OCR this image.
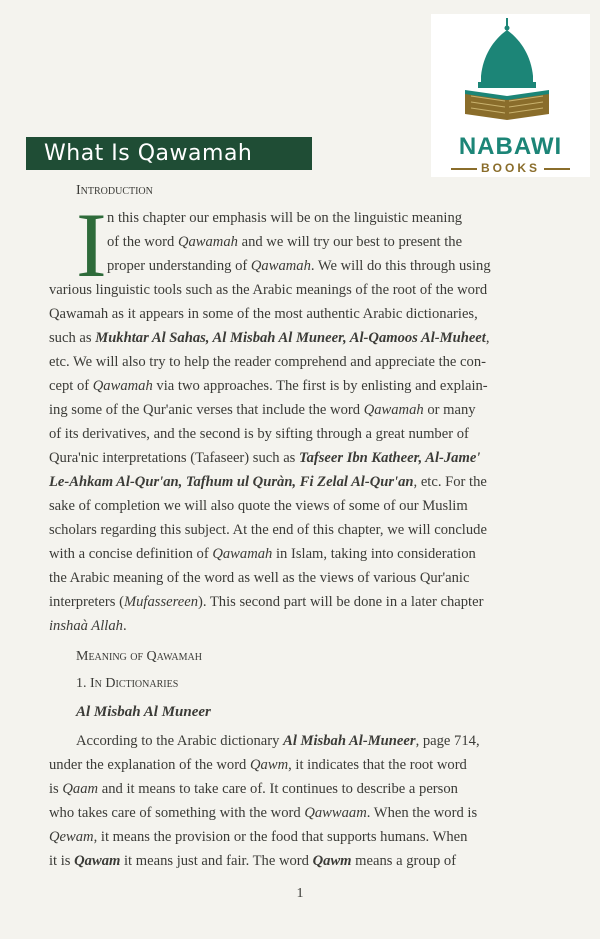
NABAWI
BOOKS
What Is Qawamah

Introduction

I n this chapter our emphasis will be on the linguistic meaning

of the word Qawamah and we will try our best to present the

proper understanding of Qawamah. We will do this through using

various linguistic tools such as the Arabic meanings of the root of the word

Qawamah as it appears in some of the most authentic Arabic dictionaries,

such as Mukhtar Al Sahas, Al Misbah Al Muneer, Al-Qamoos Al-Muheet,

etc. We will also try to help the reader comprehend and appreciate the con-

cept of Qawamah via two approaches. The first is by enlisting and explain-

ing some of the Qur'anic verses that include the word Qawamah or many

of its derivatives, and the second is by sifting through a great number of

Qura'nic interpretations (Tafaseer) such as Tafseer Ibn Katheer, Al-Jame'

Le-Ahkam Al-Qur'an, Tafhum ul Quràn, Fi Zelal Al-Qur'an, etc. For the

sake of completion we will also quote the views of some of our Muslim

scholars regarding this subject. At the end of this chapter, we will conclude

with a concise definition of Qawamah in Islam, taking into consideration

the Arabic meaning of the word as well as the views of various Qur'anic

interpreters (Mufassereen). This second part will be done in a later chapter

inshaà Allah.

Meaning of Qawamah

1. In Dictionaries

Al Misbah Al Muneer

According to the Arabic dictionary Al Misbah Al-Muneer, page 714,

under the explanation of the word Qawm, it indicates that the root word

is Qaam and it means to take care of. It continues to describe a person

who takes care of something with the word Qawwaam. When the word is

Qewam, it means the provision or the food that supports humans. When

it is Qawam it means just and fair. The word Qawm means a group of

1
